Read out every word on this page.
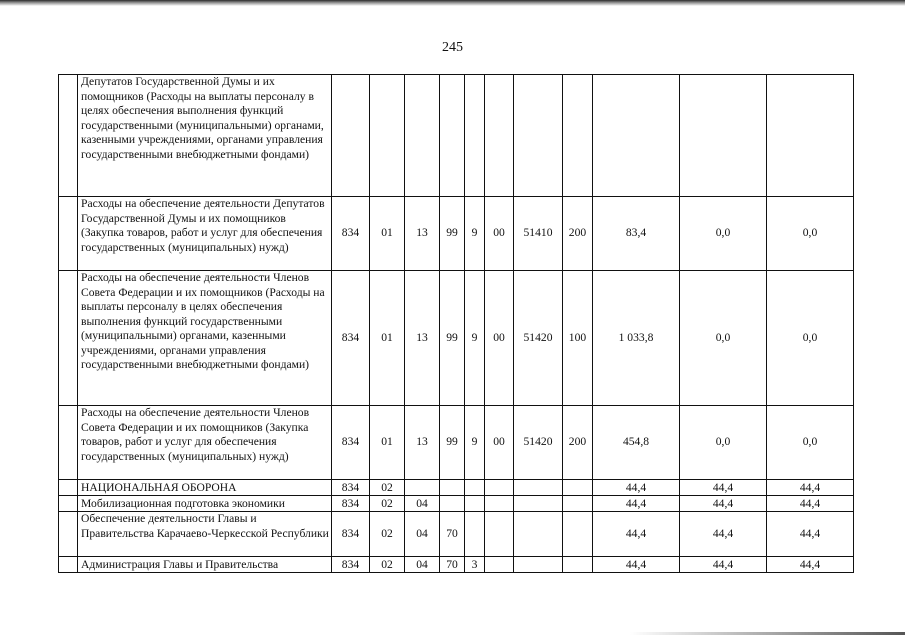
245
	Депутатов Государственной Думы и их помощников (Расходы на выплаты персоналу в целях обеспечения выполнения функций государственными (муниципальными) органами, казенными учреждениями, органами управления государственными внебюджетными фондами)											
	Расходы на обеспечение деятельности Депутатов Государственной Думы и их помощников (Закупка товаров, работ и услуг для обеспечения государственных (муниципальных) нужд)	834	01	13	99	9	00	51410	200	83,4	0,0	0,0
	Расходы на обеспечение деятельности Членов Совета Федерации и их помощников (Расходы на выплаты персоналу в целях обеспечения выполнения функций государственными (муниципальными) органами, казенными учреждениями, органами управления государственными внебюджетными фондами)	834	01	13	99	9	00	51420	100	1 033,8	0,0	0,0
	Расходы на обеспечение деятельности Членов Совета Федерации и их помощников (Закупка товаров, работ и услуг для обеспечения государственных (муниципальных) нужд)	834	01	13	99	9	00	51420	200	454,8	0,0	0,0
	НАЦИОНАЛЬНАЯ ОБОРОНА	834	02							44,4	44,4	44,4
	Мобилизационная подготовка экономики	834	02	04						44,4	44,4	44,4
	Обеспечение деятельности Главы и Правительства Карачаево-Черкесской Республики	834	02	04	70					44,4	44,4	44,4
	Администрация Главы и Правительства	834	02	04	70	3				44,4	44,4	44,4
